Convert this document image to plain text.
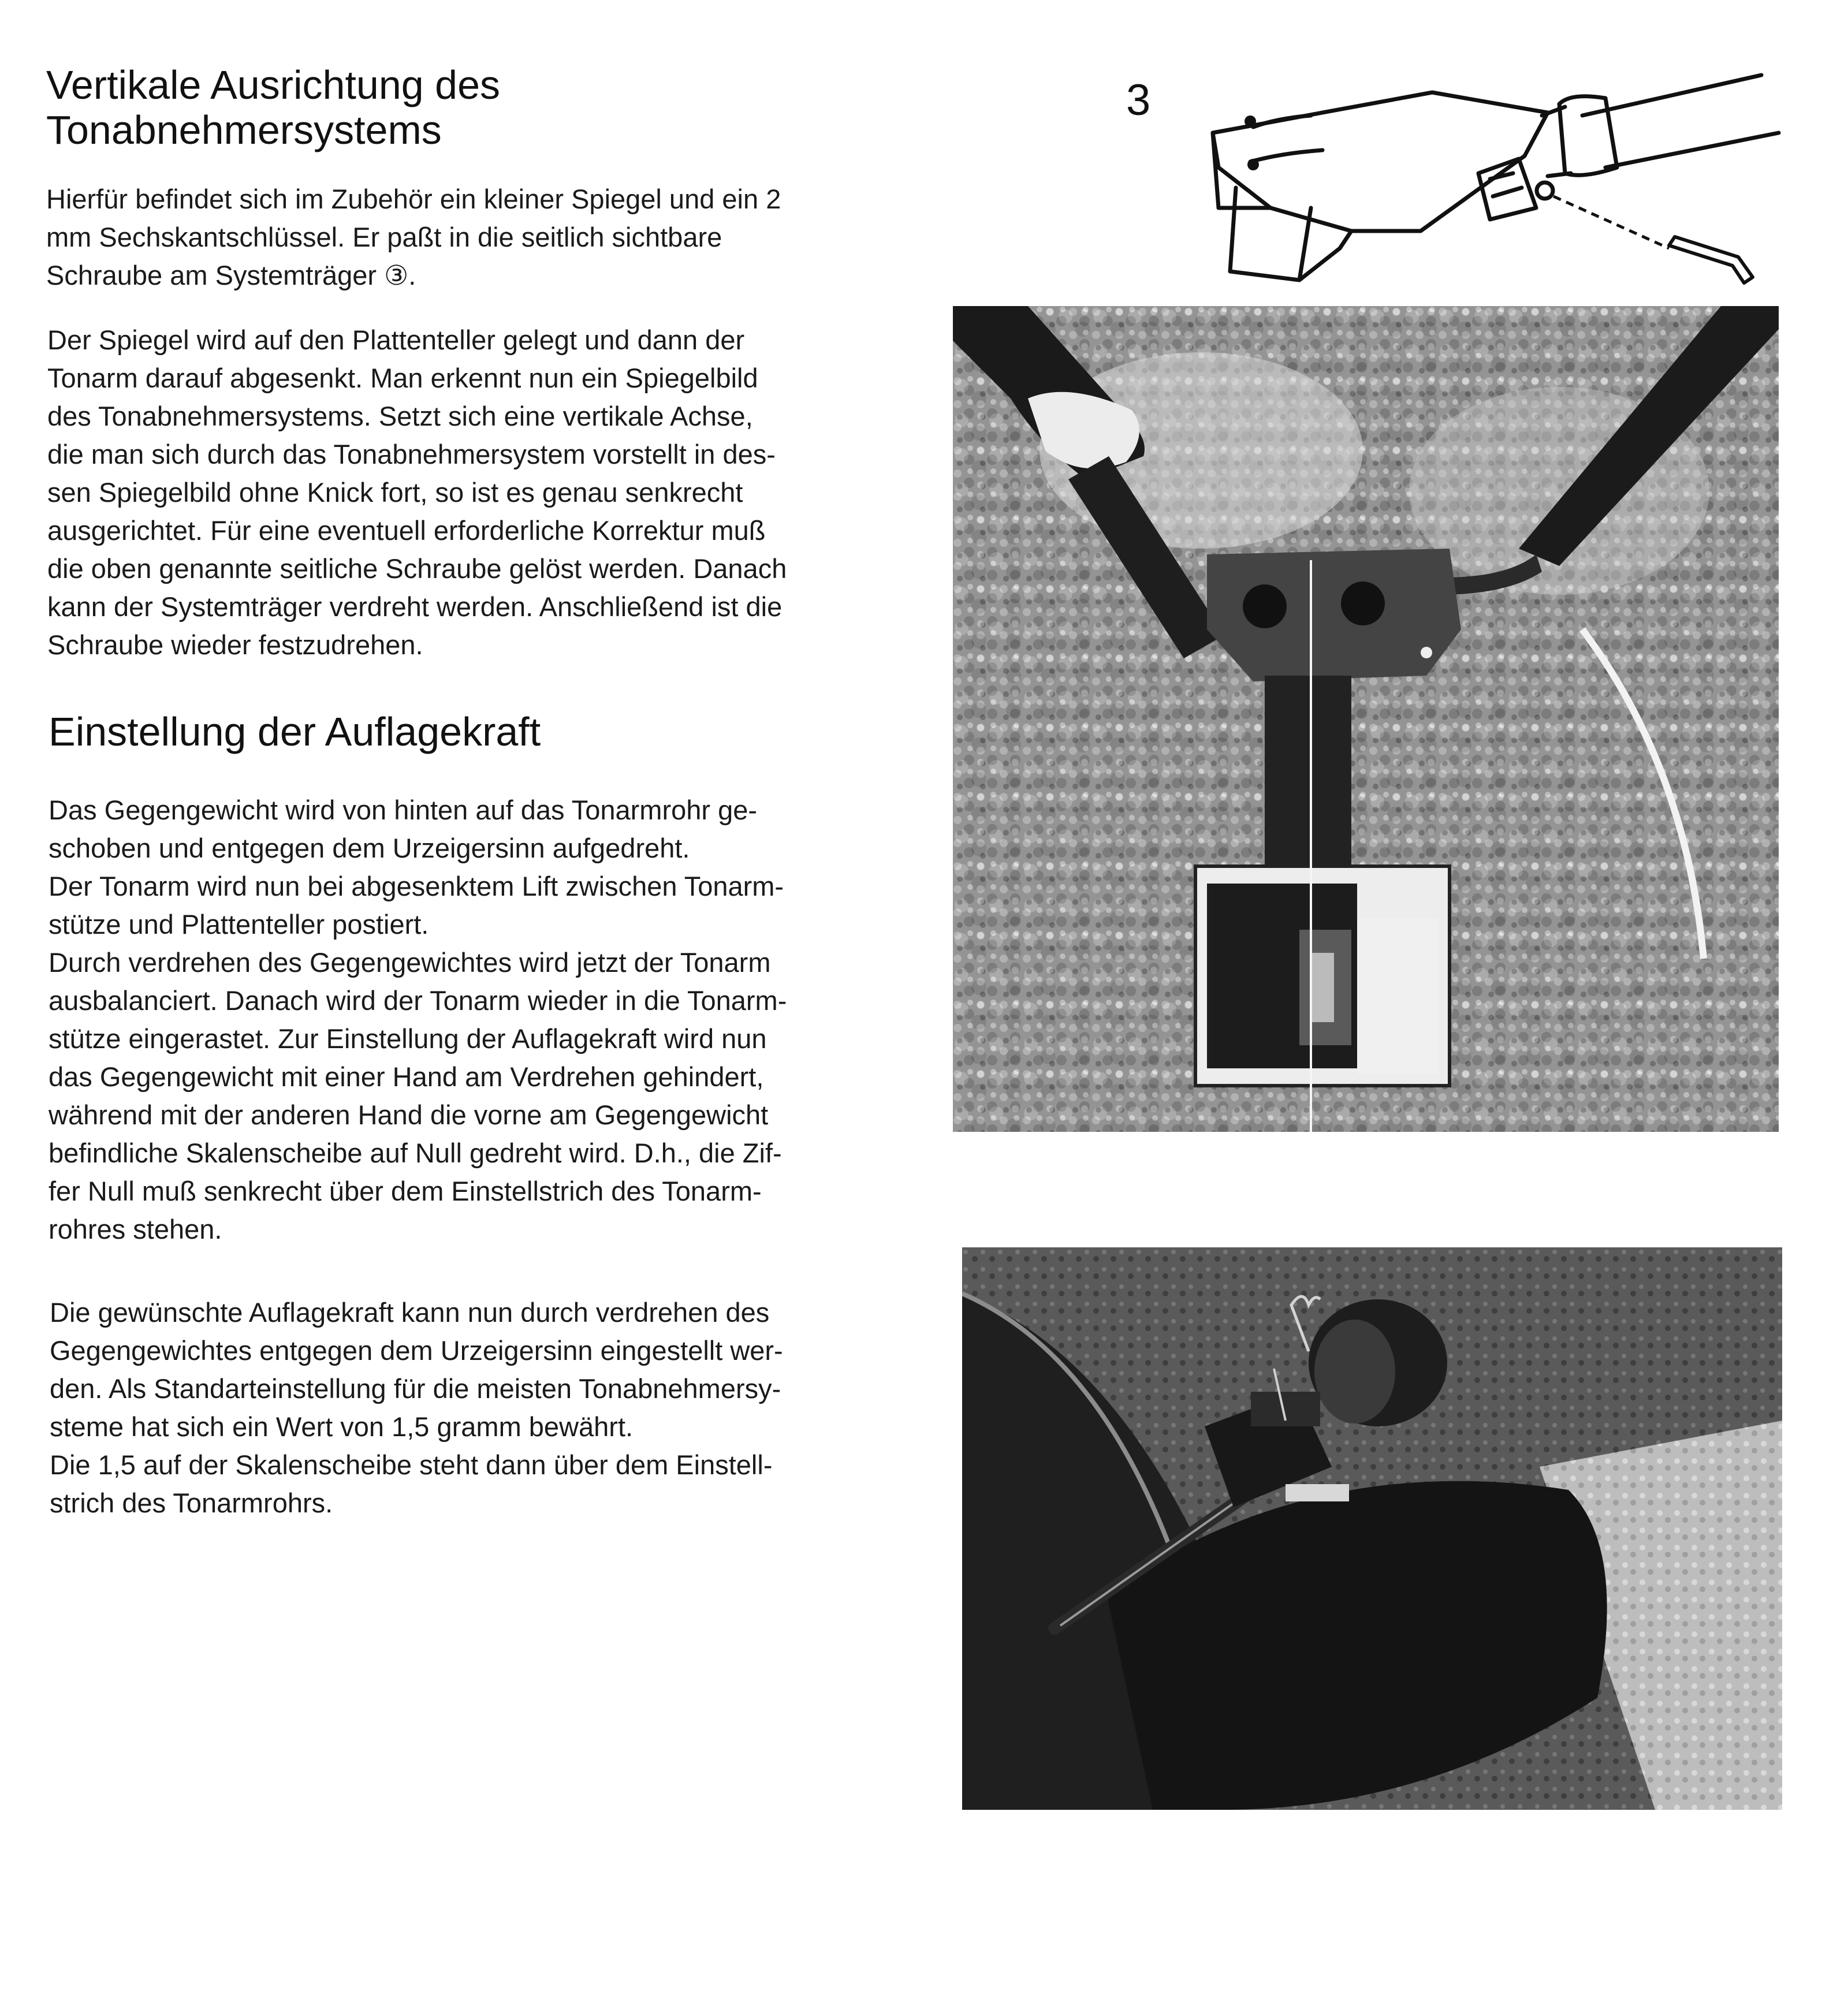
Vertikale Ausrichtung des
Tonabnehmersystems
Hierfür befindet sich im Zubehör ein kleiner Spiegel und ein 2
mm Sechskantschlüssel. Er paßt in die seitlich sichtbare
Schraube am Systemträger ③.
Der Spiegel wird auf den Plattenteller gelegt und dann der
Tonarm darauf abgesenkt. Man erkennt nun ein Spiegelbild
des Tonabnehmersystems. Setzt sich eine vertikale Achse,
die man sich durch das Tonabnehmersystem vorstellt in des-
sen Spiegelbild ohne Knick fort, so ist es genau senkrecht
ausgerichtet. Für eine eventuell erforderliche Korrektur muß
die oben genannte seitliche Schraube gelöst werden. Danach
kann der Systemträger verdreht werden. Anschließend ist die
Schraube wieder festzudrehen.
Einstellung der Auflagekraft
Das Gegengewicht wird von hinten auf das Tonarmrohr ge-
schoben und entgegen dem Urzeigersinn aufgedreht.
Der Tonarm wird nun bei abgesenktem Lift zwischen Tonarm-
stütze und Plattenteller postiert.
Durch verdrehen des Gegengewichtes wird jetzt der Tonarm
ausbalanciert. Danach wird der Tonarm wieder in die Tonarm-
stütze eingerastet. Zur Einstellung der Auflagekraft wird nun
das Gegengewicht mit einer Hand am Verdrehen gehindert,
während mit der anderen Hand die vorne am Gegengewicht
befindliche Skalenscheibe auf Null gedreht wird. D.h., die Zif-
fer Null muß senkrecht über dem Einstellstrich des Tonarm-
rohres stehen.
Die gewünschte Auflagekraft kann nun durch verdrehen des
Gegengewichtes entgegen dem Urzeigersinn eingestellt wer-
den. Als Standarteinstellung für die meisten Tonabnehmersy-
steme hat sich ein Wert von 1,5 gramm bewährt.
Die 1,5 auf der Skalenscheibe steht dann über dem Einstell-
strich des Tonarmrohrs.
3
